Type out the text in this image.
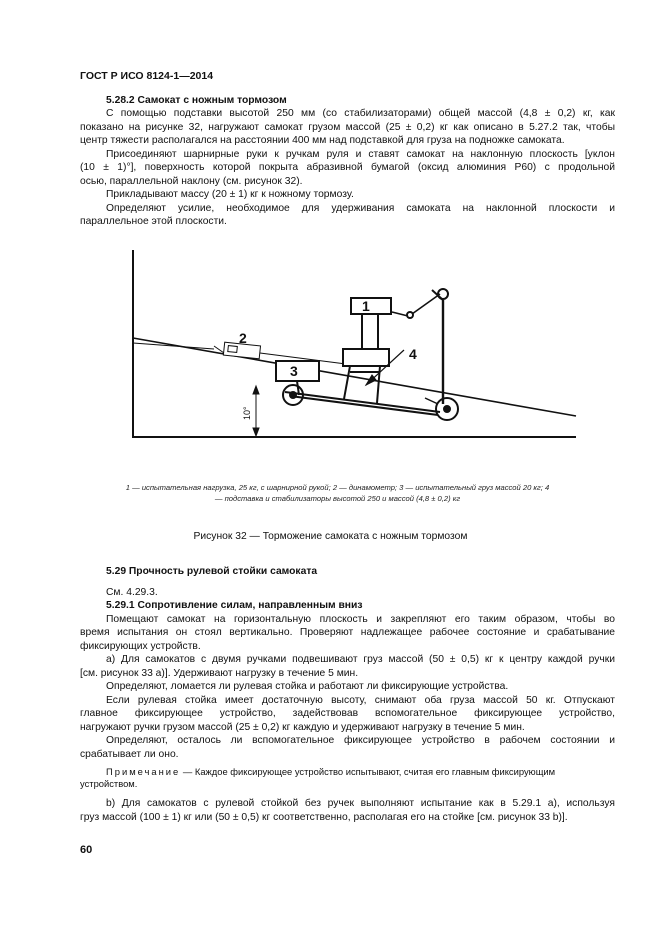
ГОСТ Р ИСО 8124-1—2014

5.28.2 Самокат с ножным тормозом

С помощью подставки высотой 250 мм (со стабилизаторами) общей массой (4,8 ± 0,2) кг, как

показано на рисунке 32, нагружают самокат грузом массой (25 ± 0,2) кг как описано в 5.27.2 так, чтобы

центр тяжести располагался на расстоянии 400 мм над подставкой для груза на подножке самоката.

Присоединяют шарнирные руки к ручкам руля и ставят самокат на наклонную плоскость [уклон

(10 ± 1)°], поверхность которой покрыта абразивной бумагой (оксид алюминия Р60) с продольной

осью, параллельной наклону (см. рисунок 32).

Прикладывают массу (20 ± 1) кг к ножному тормозу.

Определяют усилие, необходимое для удерживания самоката на наклонной плоскости и

параллельное этой плоскости.

10°
2
1
4
3
1 — испытательная нагрузка, 25 кг, с шарнирной рукой; 2 — динамометр; 3 — испытательный груз массой 20 кг; 4
— подставка и стабилизаторы высотой 250 и массой (4,8 ± 0,2) кг
Рисунок 32 — Торможение самоката с ножным тормозом

5.29 Прочность рулевой стойки самоката

См. 4.29.3.

5.29.1 Сопротивление силам, направленным вниз

Помещают самокат на горизонтальную плоскость и закрепляют его таким образом, чтобы во

время испытания он стоял вертикально. Проверяют надлежащее рабочее состояние и срабатывание

фиксирующих устройств.

a) Для самокатов с двумя ручками подвешивают груз массой (50 ± 0,5) кг к центру каждой ручки

[см. рисунок 33 а)]. Удерживают нагрузку в течение 5 мин.

Определяют, ломается ли рулевая стойка и работают ли фиксирующие устройства.

Если рулевая стойка имеет достаточную высоту, снимают оба груза массой 50 кг. Отпускают

главное фиксирующее устройство, задействовав вспомогательное фиксирующее устройство,

нагружают ручки грузом массой (25 ± 0,2) кг каждую и удерживают нагрузку в течение 5 мин.

Определяют, осталось ли вспомогательное фиксирующее устройство в рабочем состоянии и

срабатывает ли оно.

Примечание — Каждое фиксирующее устройство испытывают, считая его главным фиксирующим

устройством.

b) Для самокатов с рулевой стойкой без ручек выполняют испытание как в 5.29.1 а), используя

груз массой (100 ± 1) кг или (50 ± 0,5) кг соответственно, располагая его на стойке [см. рисунок 33 b)].

60
